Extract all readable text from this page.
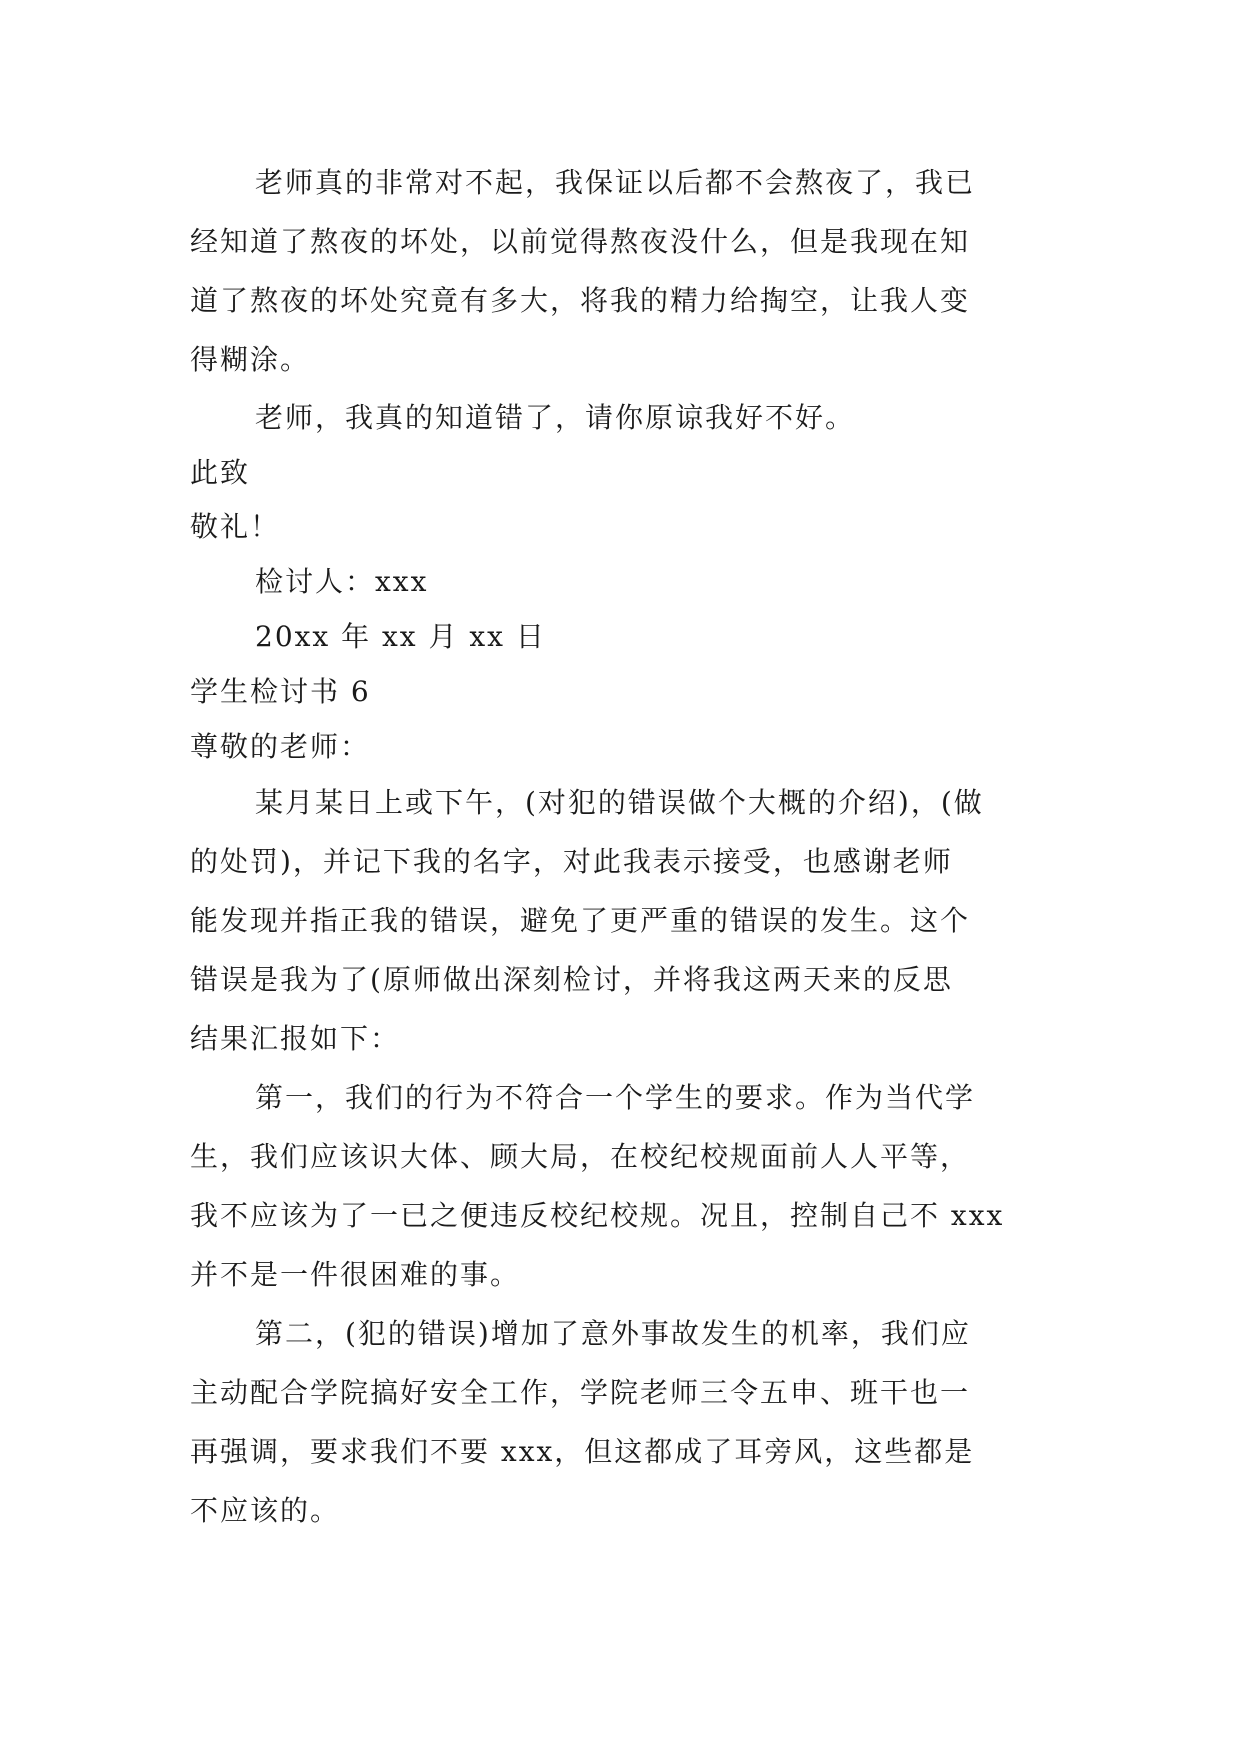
老师真的非常对不起，我保证以后都不会熬夜了，我已
经知道了熬夜的坏处，以前觉得熬夜没什么，但是我现在知
道了熬夜的坏处究竟有多大，将我的精力给掏空，让我人变
得糊涂。
老师，我真的知道错了，请你原谅我好不好。
此致
敬礼！
检讨人：xxx
20xx 年 xx 月 xx 日
学生检讨书 6
尊敬的老师：
某月某日上或下午，(对犯的错误做个大概的介绍)，(做
的处罚)，并记下我的名字，对此我表示接受，也感谢老师
能发现并指正我的错误，避免了更严重的错误的发生。这个
错误是我为了(原师做出深刻检讨，并将我这两天来的反思
结果汇报如下：
第一，我们的行为不符合一个学生的要求。作为当代学
生，我们应该识大体、顾大局，在校纪校规面前人人平等，
我不应该为了一已之便违反校纪校规。况且，控制自己不 xxx
并不是一件很困难的事。
第二，(犯的错误)增加了意外事故发生的机率，我们应
主动配合学院搞好安全工作，学院老师三令五申、班干也一
再强调，要求我们不要 xxx，但这都成了耳旁风，这些都是
不应该的。
